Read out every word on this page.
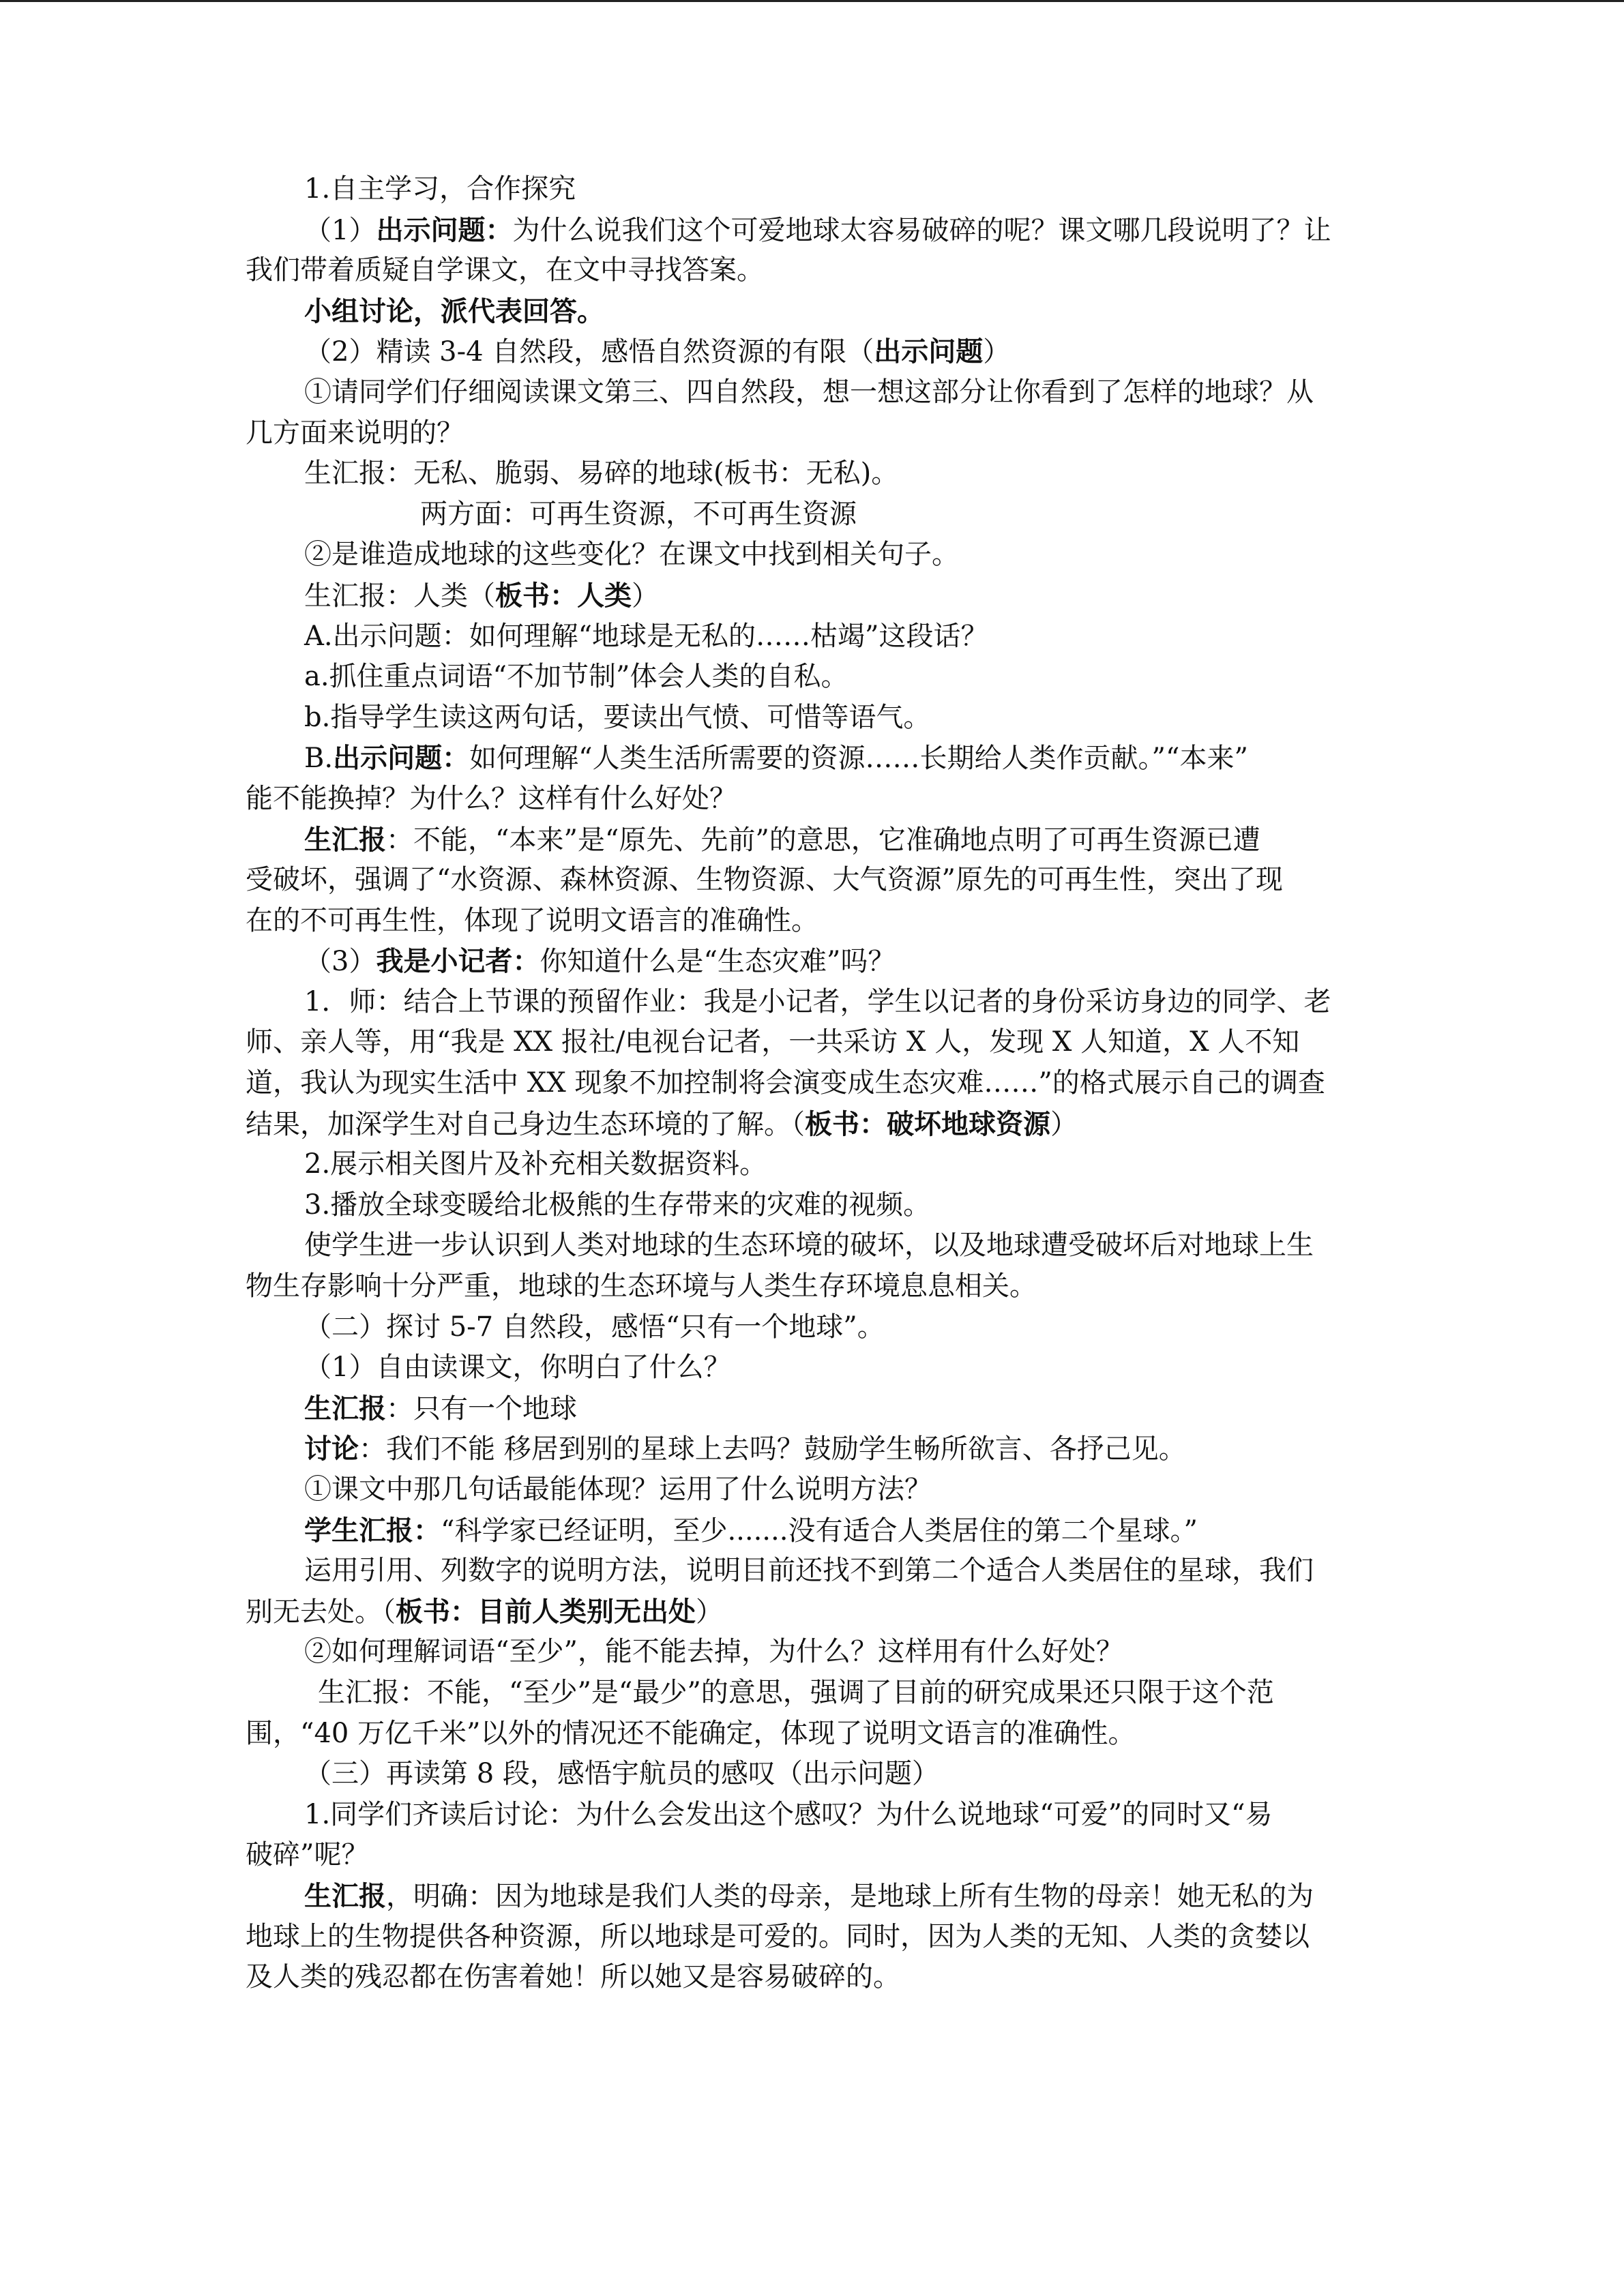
1.自主学习，合作探究
（1）出示问题：为什么说我们这个可爱地球太容易破碎的呢？课文哪几段说明了？让
我们带着质疑自学课文，在文中寻找答案。
小组讨论，派代表回答。
（2）精读 3-4 自然段，感悟自然资源的有限（出示问题）
①请同学们仔细阅读课文第三、四自然段，想一想这部分让你看到了怎样的地球？从
几方面来说明的？
生汇报：无私、脆弱、易碎的地球(板书：无私)。
两方面：可再生资源，不可再生资源
②是谁造成地球的这些变化？在课文中找到相关句子。
生汇报：人类（板书：人类）
A.出示问题：如何理解“地球是无私的……枯竭”这段话？
a.抓住重点词语“不加节制”体会人类的自私。
b.指导学生读这两句话，要读出气愤、可惜等语气。
B.出示问题：如何理解“人类生活所需要的资源……长期给人类作贡献。”“本来”
能不能换掉？为什么？这样有什么好处？
生汇报：不能，“本来”是“原先、先前”的意思，它准确地点明了可再生资源已遭
受破坏，强调了“水资源、森林资源、生物资源、大气资源”原先的可再生性，突出了现
在的不可再生性，体现了说明文语言的准确性。
（3）我是小记者：你知道什么是“生态灾难”吗？
1．师：结合上节课的预留作业：我是小记者，学生以记者的身份采访身边的同学、老
师、亲人等，用“我是 XX 报社/电视台记者，一共采访 X 人，发现 X 人知道，X 人不知
道，我认为现实生活中 XX 现象不加控制将会演变成生态灾难……”的格式展示自己的调查
结果，加深学生对自己身边生态环境的了解。（板书：破坏地球资源）
2.展示相关图片及补充相关数据资料。
3.播放全球变暖给北极熊的生存带来的灾难的视频。
使学生进一步认识到人类对地球的生态环境的破坏，以及地球遭受破坏后对地球上生
物生存影响十分严重，地球的生态环境与人类生存环境息息相关。
（二）探讨 5-7 自然段，感悟“只有一个地球”。
（1）自由读课文，你明白了什么？
生汇报：只有一个地球
讨论：我们不能 移居到别的星球上去吗？鼓励学生畅所欲言、各抒己见。
①课文中那几句话最能体现？运用了什么说明方法？
学生汇报：“科学家已经证明，至少.......没有适合人类居住的第二个星球。”
运用引用、列数字的说明方法，说明目前还找不到第二个适合人类居住的星球，我们
别无去处。（板书：目前人类别无出处）
②如何理解词语“至少”，能不能去掉，为什么？这样用有什么好处？
生汇报：不能，“至少”是“最少”的意思，强调了目前的研究成果还只限于这个范
围，“40 万亿千米”以外的情况还不能确定，体现了说明文语言的准确性。
（三）再读第 8 段，感悟宇航员的感叹（出示问题）
1.同学们齐读后讨论：为什么会发出这个感叹？为什么说地球“可爱”的同时又“易
破碎”呢？
生汇报，明确：因为地球是我们人类的母亲，是地球上所有生物的母亲！她无私的为
地球上的生物提供各种资源，所以地球是可爱的。同时，因为人类的无知、人类的贪婪以
及人类的残忍都在伤害着她！所以她又是容易破碎的。
